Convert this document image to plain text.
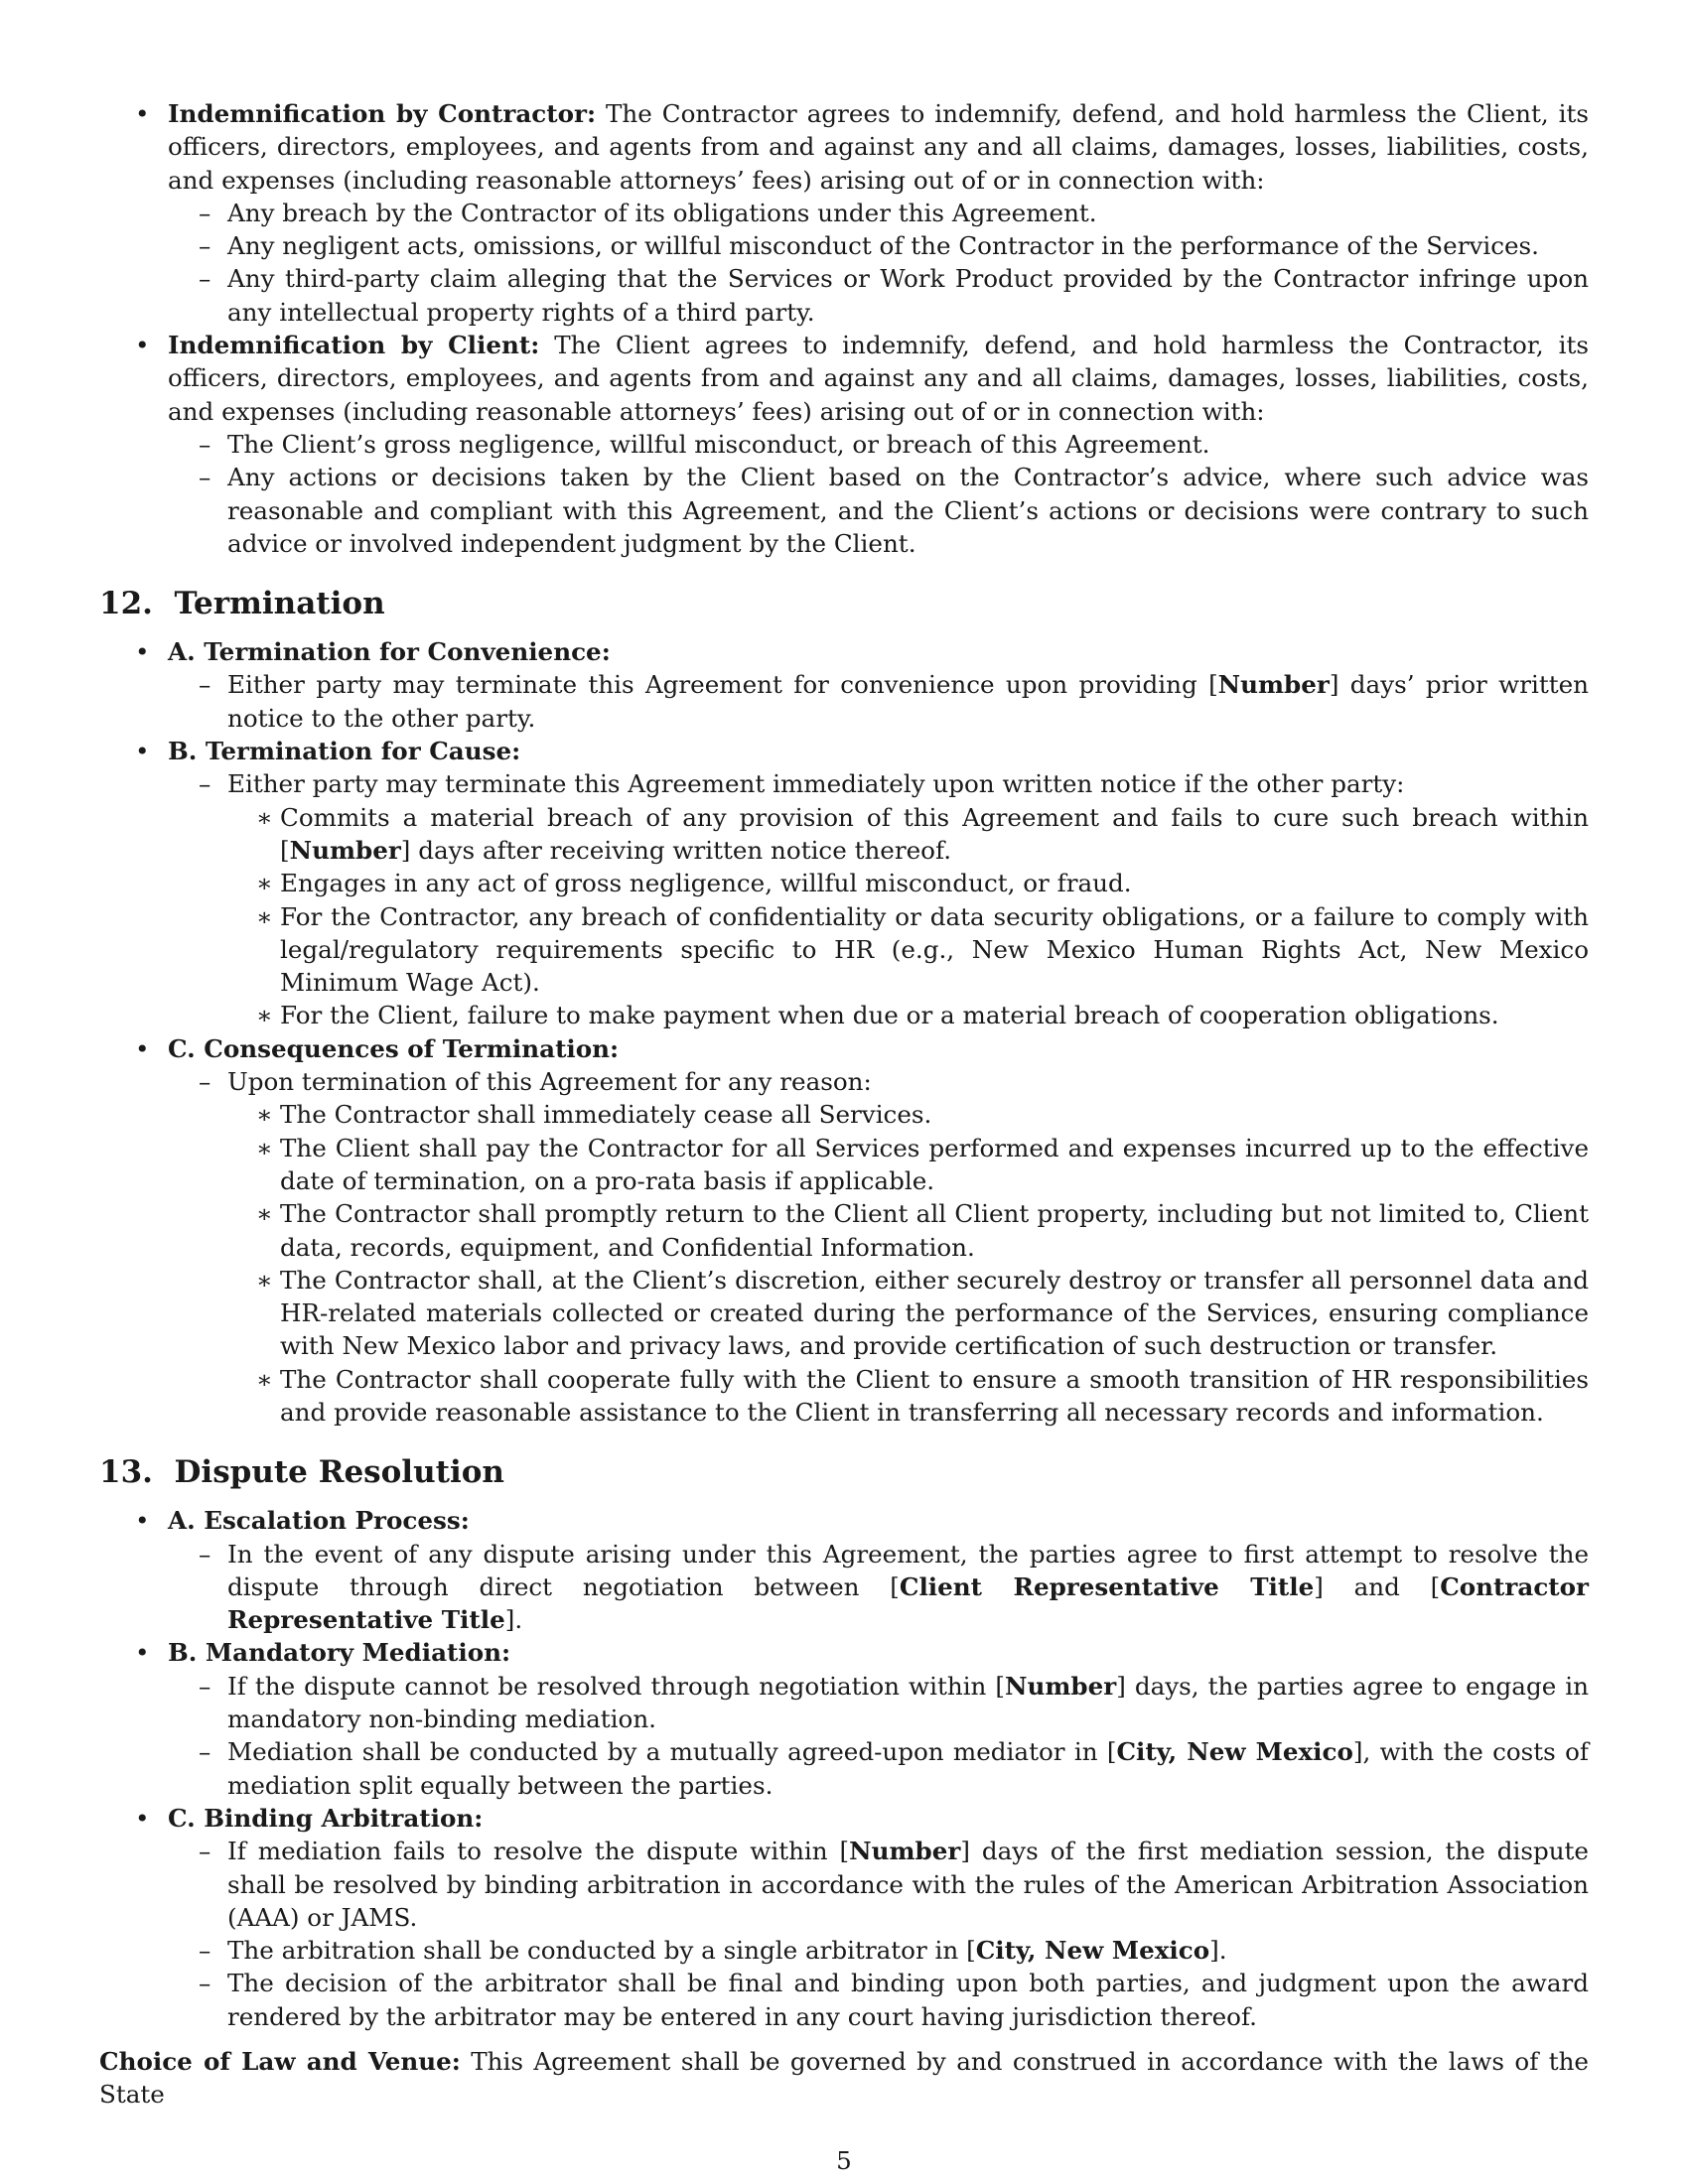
• Indemnification by Contractor: The Contractor agrees to indemnify, defend, and hold harmless the Client, its officers, directors, employees, and agents from and against any and all claims, damages, losses, liabilities, costs, and expenses (including reasonable attorneys’ fees) arising out of or in connection with:
– Any breach by the Contractor of its obligations under this Agreement.
– Any negligent acts, omissions, or willful misconduct of the Contractor in the performance of the Services.
– Any third-party claim alleging that the Services or Work Product provided by the Contractor infringe upon any intellectual property rights of a third party.
• Indemnification by Client: The Client agrees to indemnify, defend, and hold harmless the Contractor, its officers, directors, employees, and agents from and against any and all claims, damages, losses, liabilities, costs, and expenses (including reasonable attorneys’ fees) arising out of or in connection with:
– The Client’s gross negligence, willful misconduct, or breach of this Agreement.
– Any actions or decisions taken by the Client based on the Contractor’s advice, where such advice was reasonable and compliant with this Agreement, and the Client’s actions or decisions were contrary to such advice or involved independent judgment by the Client.
12. Termination
• A. Termination for Convenience:
– Either party may terminate this Agreement for convenience upon providing [Number] days’ prior written notice to the other party.
• B. Termination for Cause:
– Either party may terminate this Agreement immediately upon written notice if the other party:
∗ Commits a material breach of any provision of this Agreement and fails to cure such breach within [Number] days after receiving written notice thereof.
∗ Engages in any act of gross negligence, willful misconduct, or fraud.
∗ For the Contractor, any breach of confidentiality or data security obligations, or a failure to comply with legal/regulatory requirements specific to HR (e.g., New Mexico Human Rights Act, New Mexico Minimum Wage Act).
∗ For the Client, failure to make payment when due or a material breach of cooperation obligations.
• C. Consequences of Termination:
– Upon termination of this Agreement for any reason:
∗ The Contractor shall immediately cease all Services.
∗ The Client shall pay the Contractor for all Services performed and expenses incurred up to the effective date of termination, on a pro-rata basis if applicable.
∗ The Contractor shall promptly return to the Client all Client property, including but not limited to, Client data, records, equipment, and Confidential Information.
∗ The Contractor shall, at the Client’s discretion, either securely destroy or transfer all personnel data and HR-related materials collected or created during the performance of the Services, ensuring compliance with New Mexico labor and privacy laws, and provide certification of such destruction or transfer.
∗ The Contractor shall cooperate fully with the Client to ensure a smooth transition of HR responsibilities and provide reasonable assistance to the Client in transferring all necessary records and information.
13. Dispute Resolution
• A. Escalation Process:
– In the event of any dispute arising under this Agreement, the parties agree to first attempt to resolve the dispute through direct negotiation between [Client Representative Title] and [Contractor Representative Title].
• B. Mandatory Mediation:
– If the dispute cannot be resolved through negotiation within [Number] days, the parties agree to engage in mandatory non-binding mediation.
– Mediation shall be conducted by a mutually agreed-upon mediator in [City, New Mexico], with the costs of mediation split equally between the parties.
• C. Binding Arbitration:
– If mediation fails to resolve the dispute within [Number] days of the first mediation session, the dispute shall be resolved by binding arbitration in accordance with the rules of the American Arbitration Association (AAA) or JAMS.
– The arbitration shall be conducted by a single arbitrator in [City, New Mexico].
– The decision of the arbitrator shall be final and binding upon both parties, and judgment upon the award rendered by the arbitrator may be entered in any court having jurisdiction thereof.
Choice of Law and Venue: This Agreement shall be governed by and construed in accordance with the laws of the State
5
